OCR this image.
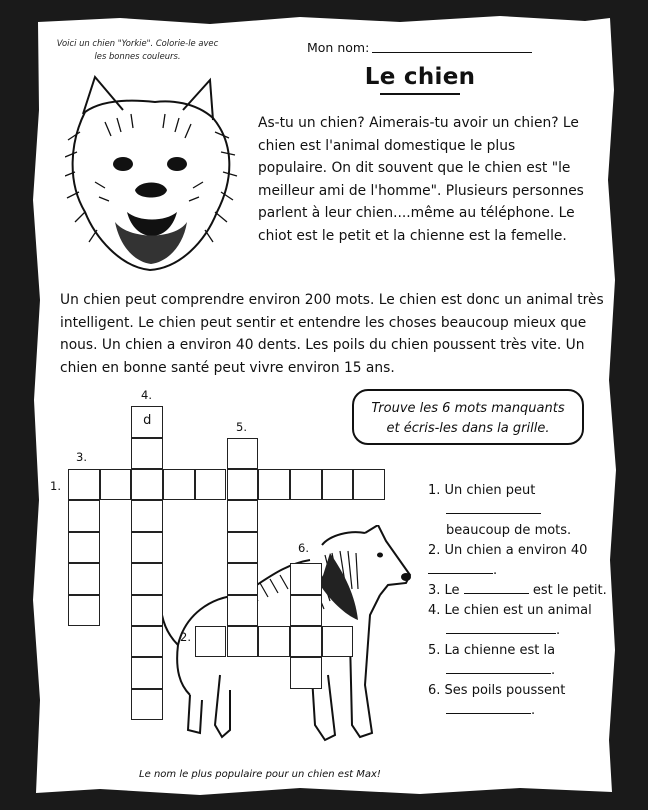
Voici un chien "Yorkie". Colorie-le avec les bonnes couleurs.
Mon nom:
Le chien
As-tu un chien? Aimerais-tu avoir un chien? Le chien est l'animal domestique le plus populaire. On dit souvent que le chien est "le meilleur ami de l'homme". Plusieurs personnes parlent à leur chien....même au téléphone. Le chiot est le petit et la chienne est la femelle.
Un chien peut comprendre environ 200 mots. Le chien est donc un animal très intelligent. Le chien peut sentir et entendre les choses beaucoup mieux que nous. Un chien a environ 40 dents. Les poils du chien poussent très vite. Un chien en bonne santé peut vivre environ 15 ans.
Trouve les 6 mots manquants
et écris-les dans la grille.
d
1.
2.
3.
4.
5.
6.
1. Un chien peut

beaucoup de mots.
2. Un chien a environ 40 .
3. Le	est le petit.
4. Le chien est un animal
.
5. La chienne est la
.
6. Ses poils poussent
.
Le nom le plus populaire pour un chien est Max!	3
